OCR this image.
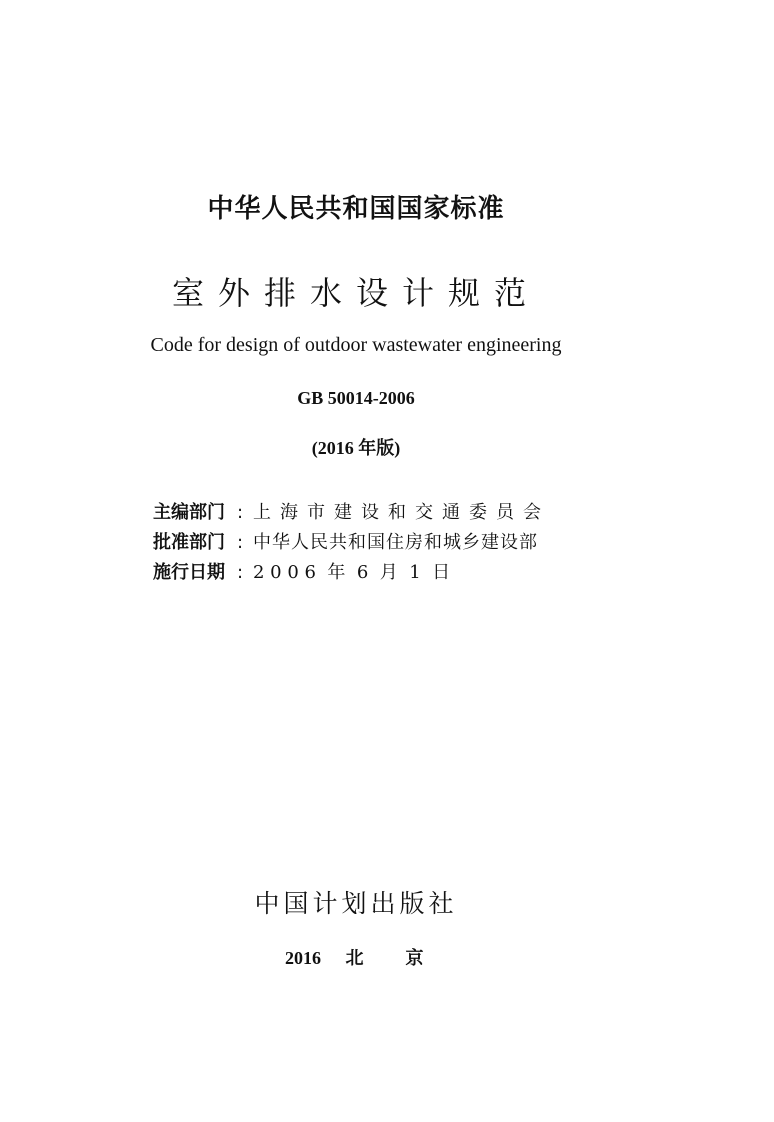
中华人民共和国国家标准
室外排水设计规范
Code for design of outdoor wastewater engineering
GB 50014-2006
(2016 年版)
主编部门 : 上海市建设和交通委员会
批准部门 : 中华人民共和国住房和城乡建设部
施行日期 : 2 0 0 6  年  6  月  1  日
中国计划出版社
2016 北京
